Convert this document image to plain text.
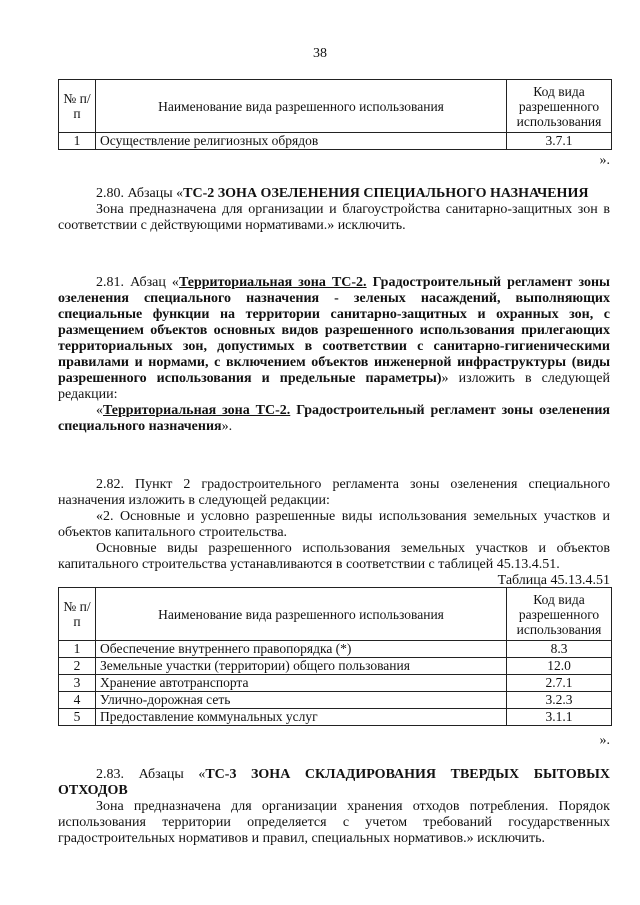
38
№ п/п	Наименование вида разрешенного использования	Код вида разрешенного использования
1	Осуществление религиозных обрядов	3.7.1
».

2.80. Абзацы «ТС-2 ЗОНА ОЗЕЛЕНЕНИЯ СПЕЦИАЛЬНОГО НАЗНАЧЕНИЯ

Зона предназначена для организации и благоустройства санитарно-защитных зон в соответствии с действующими нормативами.» исключить.

2.81. Абзац «Территориальная зона ТС-2. Градостроительный регламент зоны озеленения специального назначения - зеленых насаждений, выполняющих специальные функции на территории санитарно-защитных и охранных зон, с размещением объектов основных видов разрешенного использования прилегающих территориальных зон, допустимых в соответствии с санитарно-гигиеническими правилами и нормами, с включением объектов инженерной инфраструктуры (виды разрешенного использования и предельные параметры)» изложить в следующей редакции:

«Территориальная зона ТС-2. Градостроительный регламент зоны озеленения специального назначения».

2.82. Пункт 2 градостроительного регламента зоны озеленения специального назначения изложить в следующей редакции:

«2. Основные и условно разрешенные виды использования земельных участков и объектов капитального строительства.

Основные виды разрешенного использования земельных участков и объектов капитального строительства устанавливаются в соответствии с таблицей 45.13.4.51.

Таблица 45.13.4.51

№ п/п	Наименование вида разрешенного использования	Код вида разрешенного использования
1	Обеспечение внутреннего правопорядка (*)	8.3
2	Земельные участки (территории) общего пользования	12.0
3	Хранение автотранспорта	2.7.1
4	Улично-дорожная сеть	3.2.3
5	Предоставление коммунальных услуг	3.1.1
».

2.83. Абзацы «ТС-3 ЗОНА СКЛАДИРОВАНИЯ ТВЕРДЫХ БЫТОВЫХ ОТХОДОВ

Зона предназначена для организации хранения отходов потребления. Порядок использования территории определяется с учетом требований государственных градостроительных нормативов и правил, специальных нормативов.» исключить.
